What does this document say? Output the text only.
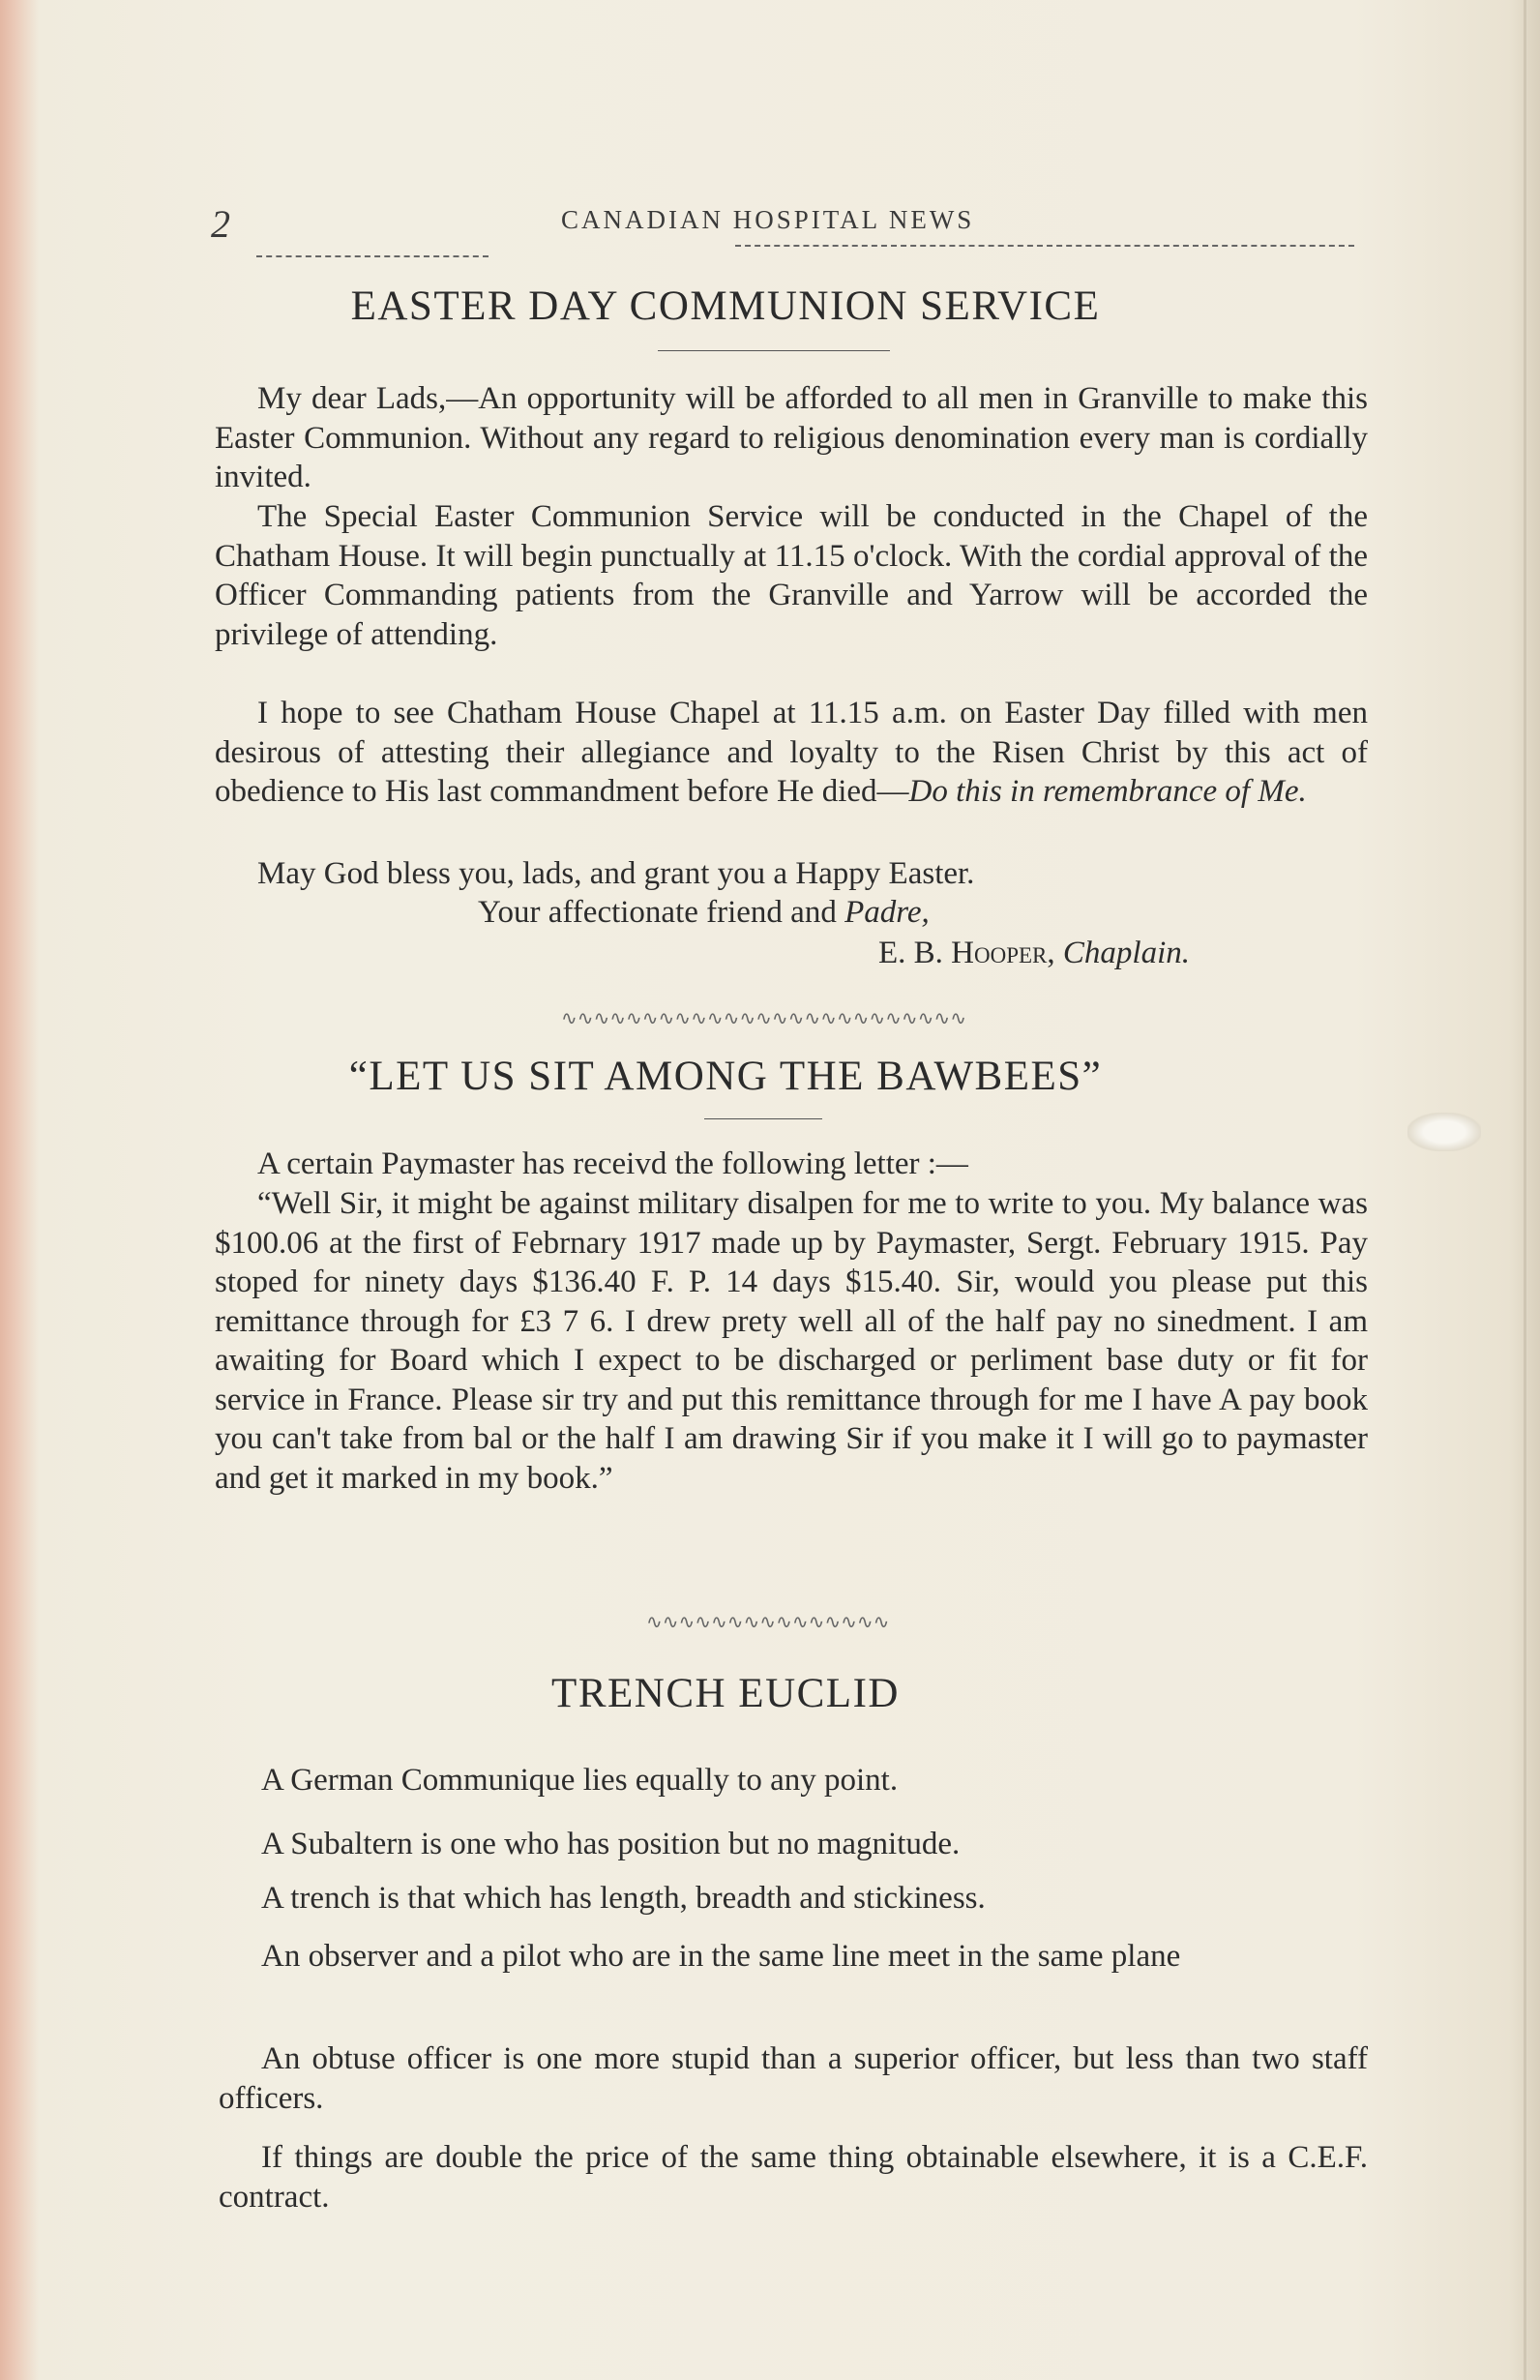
2	CANADIAN HOSPITAL NEWS
EASTER DAY COMMUNION SERVICE

My dear Lads,—An opportunity will be afforded to all men in Granville to make this Easter Communion. Without any regard to religious denomination every man is cordially invited.

The Special Easter Communion Service will be conducted in the Chapel of the Chatham House. It will begin punctually at 11.15 o'clock. With the cordial approval of the Officer Commanding patients from the Granville and Yarrow will be accorded the privilege of attending.

I hope to see Chatham House Chapel at 11.15 a.m. on Easter Day filled with men desirous of attesting their allegiance and loyalty to the Risen Christ by this act of obedience to His last commandment before He died—Do this in remembrance of Me.

May God bless you, lads, and grant you a Happy Easter.

Your affectionate friend and Padre,

E. B. Hooper, Chaplain.

∿∿∿∿∿∿∿∿∿∿∿∿∿∿∿∿∿∿∿∿∿∿∿∿∿
“LET US SIT AMONG THE BAWBEES”

A certain Paymaster has receivd the following letter :—

“Well Sir, it might be against military disalpen for me to write to you. My balance was $100.06 at the first of Febrnary 1917 made up by Paymaster, Sergt. February 1915. Pay stoped for ninety days $136.40 F. P. 14 days $15.40. Sir, would you please put this remittance through for £3 7 6. I drew prety well all of the half pay no sinedment. I am awaiting for Board which I expect to be discharged or perliment base duty or fit for service in France. Please sir try and put this remittance through for me I have A pay book you can't take from bal or the half I am drawing Sir if you make it I will go to paymaster and get it marked in my book.”

∿∿∿∿∿∿∿∿∿∿∿∿∿∿∿
TRENCH EUCLID

A German Communique lies equally to any point.

A Subaltern is one who has position but no magnitude.

A trench is that which has length, breadth and stickiness.

An observer and a pilot who are in the same line meet in the same plane

An obtuse officer is one more stupid than a superior officer, but less than two staff officers.

If things are double the price of the same thing obtainable elsewhere, it is a C.E.F. contract.
